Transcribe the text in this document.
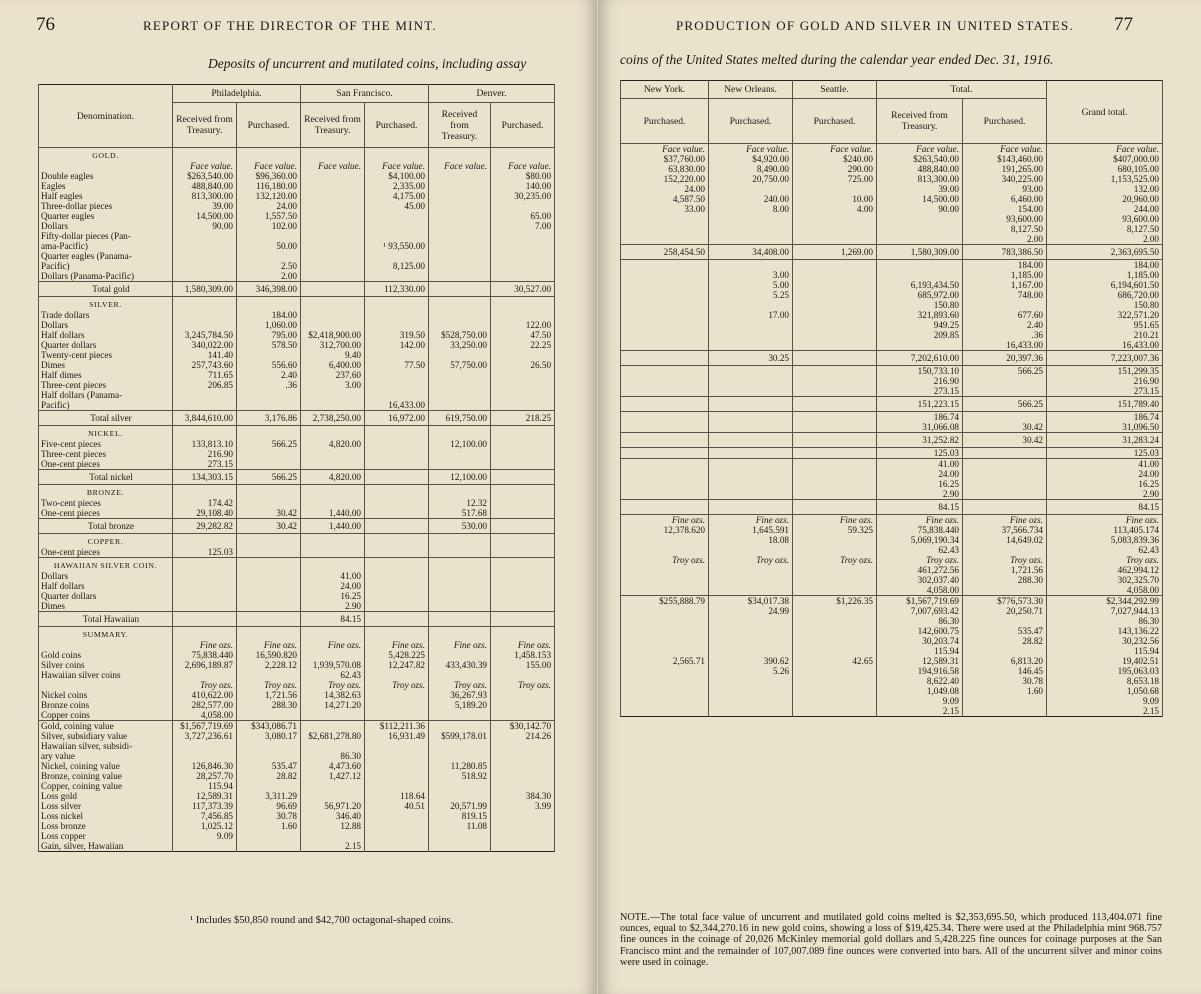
76	REPORT OF THE DIRECTOR OF THE MINT.
Deposits of uncurrent and mutilated coins, including assay
Denomination.	Philadelphia.		San Francisco.		Denver.	
	Received from Treasury.	Purchased.	Received from Treasury.	Purchased.	Received from Treasury.	Purchased.
GOLD.						
	Face value.	Face value.	Face value.	Face value.	Face value.	Face value.
Double eagles	$263,540.00	$96,360.00		$4,100.00		$80.00
Eagles	488,840.00	116,180.00		2,335.00		140.00
Half eagles	813,300.00	132,120.00		4,175.00		30,235.00
Three-dollar pieces	39.00	24.00		45.00		
Quarter eagles	14,500.00	1,557.50				65.00
Dollars	90.00	102.00				7.00
Fifty-dollar pieces (Pan-						
ama-Pacific)		50.00		¹ 93,550.00		
Quarter eagles (Panama-						
Pacific)		2.50		8,125.00		
Dollars (Panama-Pacific)		2.00				
Total gold	1,580,309.00	346,398.00		112,330.00		30,527.00
SILVER.						
Trade dollars		184.00				
Dollars		1,060.00				122.00
Half dollars	3,245,784.50	795.00	$2,418,900.00	319.50	$528,750.00	47.50
Quarter dollars	340,022.00	578.50	312,700.00	142.00	33,250.00	22.25
Twenty-cent pieces	141.40		9.40			
Dimes	257,743.60	556.60	6,400.00	77.50	57,750.00	26.50
Half dimes	711.65	2.40	237.60			
Three-cent pieces	206.85	.36	3.00			
Half dollars (Panama-						
Pacific)				16,433.00		
Total silver	3,844,610.00	3,176.86	2,738,250.00	16,972.00	619,750.00	218.25
NICKEL.						
Five-cent pieces	133,813.10	566.25	4,820.00		12,100.00	
Three-cent pieces	216.90					
One-cent pieces	273.15					
Total nickel	134,303.15	566.25	4,820.00		12,100.00	
BRONZE.						
Two-cent pieces	174.42				12.32	
One-cent pieces	29,108.40	30.42	1,440.00		517.68	
Total bronze	29,282.82	30.42	1,440.00		530.00	
COPPER.						
One-cent pieces	125.03					
HAWAIIAN SILVER COIN.						
Dollars			41.00			
Half dollars			24.00			
Quarter dollars			16.25			
Dimes			2.90			
Total Hawaiian			84.15			
SUMMARY.						
	Fine ozs.	Fine ozs.	Fine ozs.	Fine ozs.	Fine ozs.	Fine ozs.
Gold coins	75,838.440	16,590.820		5,428.225		1,458.153
Silver coins	2,696,189.87	2,228.12	1,939,570.08	12,247.82	433,430.39	155.00
Hawaiian silver coins			62.43			
	Troy ozs.	Troy ozs.	Troy ozs.	Troy ozs.	Troy ozs.	Troy ozs.
Nickel coins	410,622.00	1,721.56	14,382.63		36,267.93	
Bronze coins	282,577.00	288.30	14,271.20		5,189.20	
Copper coins	4,058.00					
Gold, coining value	$1,567,719.69	$343,086.71		$112,211.36		$30,142.70
Silver, subsidiary value	3,727,236.61	3,080.17	$2,681,278.80	16,931.49	$599,178.01	214.26
Hawaiian silver, subsidi-						
ary value			86.30			
Nickel, coining value	126,846.30	535.47	4,473.60		11,280.85	
Bronze, coining value	28,257.70	28.82	1,427.12		518.92	
Copper, coining value	115.94					
Loss gold	12,589.31	3,311.29		118.64		384.30
Loss silver	117,373.39	96.69	56,971.20	40.51	20,571.99	3.99
Loss nickel	7,456.85	30.78	346.40		819.15	
Loss bronze	1,025.12	1.60	12.88		11.08	
Loss copper	9.09					
Gain, silver, Hawaiian			2.15			
¹ Includes $50,850 round and $42,700 octagonal-shaped coins.
PRODUCTION OF GOLD AND SILVER IN UNITED STATES. 77
coins of the United States melted during the calendar year ended Dec. 31, 1916.
New York.	New Orleans.	Seattle.	Total.		Grand total.
Purchased.	Purchased.	Purchased.	Received from Treasury.	Purchased.	

Face value.	Face value.	Face value.	Face value.	Face value.	Face value.
$37,760.00	$4,920.00	$240.00	$263,540.00	$143,460.00	$407,000.00
63,830.00	8,490.00	290.00	488,840.00	191,265.00	680,105.00
152,220.00	20,750.00	725.00	813,300.00	340,225.00	1,153,525.00
24.00			39.00	93.00	132.00
4,587.50	240.00	10.00	14,500.00	6,460.00	20,960.00
33.00	8.00	4.00	90.00	154.00	244.00

				93,600.00	93,600.00

				8,127.50	8,127.50
				2.00	2.00
258,454.50	34,408.00	1,269.00	1,580,309.00	783,386.50	2,363,695.50

				184.00	184.00
	3.00			1,185.00	1,185.00
	5.00		6,193,434.50	1,167.00	6,194,601.50
	5.25		685,972.00	748.00	686,720.00
			150.80		150.80
	17.00		321,893.60	677.60	322,571.20
			949.25	2.40	951.65
			209.85	.36	210.21

				16,433.00	16,433.00
	30.25		7,202,610.00	20,397.36	7,223,007.36

			150,733.10	566.25	151,299.35
			216.90		216.90
			273.15		273.15
			151,223.15	566.25	151,789.40

			186.74		186.74
			31,066.08	30.42	31,096.50
			31,252.82	30.42	31,283.24

			125.03		125.03

			41.00		41.00
			24.00		24.00
			16.25		16.25
			2.90		2.90
			84.15		84.15

Fine ozs.	Fine ozs.	Fine ozs.	Fine ozs.	Fine ozs.	Fine ozs.
12,378.620	1,645.591	59.325	75,838.440	37,566.734	113,405.174
	18.08		5,069,190.34	14,649.02	5,083,839.36
			62.43		62.43
Troy ozs.	Troy ozs.	Troy ozs.	Troy ozs.	Troy ozs.	Troy ozs.
			461,272.56	1,721.56	462,994.12
			302,037.40	288.30	302,325.70
			4,058.00		4,058.00
$255,888.79	$34,017.38	$1,226.35	$1,567,719.69	$776,573.30	$2,344,292.99
	24.99		7,007,693.42	20,250.71	7,027,944.13

			86.30		86.30
			142,600.75	535.47	143,136.22
			30,203.74	28.82	30,232.56
			115.94		115.94
2,565.71	390.62	42.65	12,589.31	6,813.20	19,402.51
	5.26		194,916.58	146.45	195,063.03
			8,622.40	30.78	8,653.18
			1,049.08	1.60	1,050.68
			9.09		9.09
			2.15		2.15
NOTE.—The total face value of uncurrent and mutilated gold coins melted is $2,353,695.50, which produced 113,404.071 fine ounces, equal to $2,344,270.16 in new gold coins, showing a loss of $19,425.34. There were used at the Philadelphia mint 968.757 fine ounces in the coinage of 20,026 McKinley memorial gold dollars and 5,428.225 fine ounces for coinage purposes at the San Francisco mint and the remainder of 107,007.089 fine ounces were converted into bars. All of the uncurrent silver and minor coins were used in coinage.
